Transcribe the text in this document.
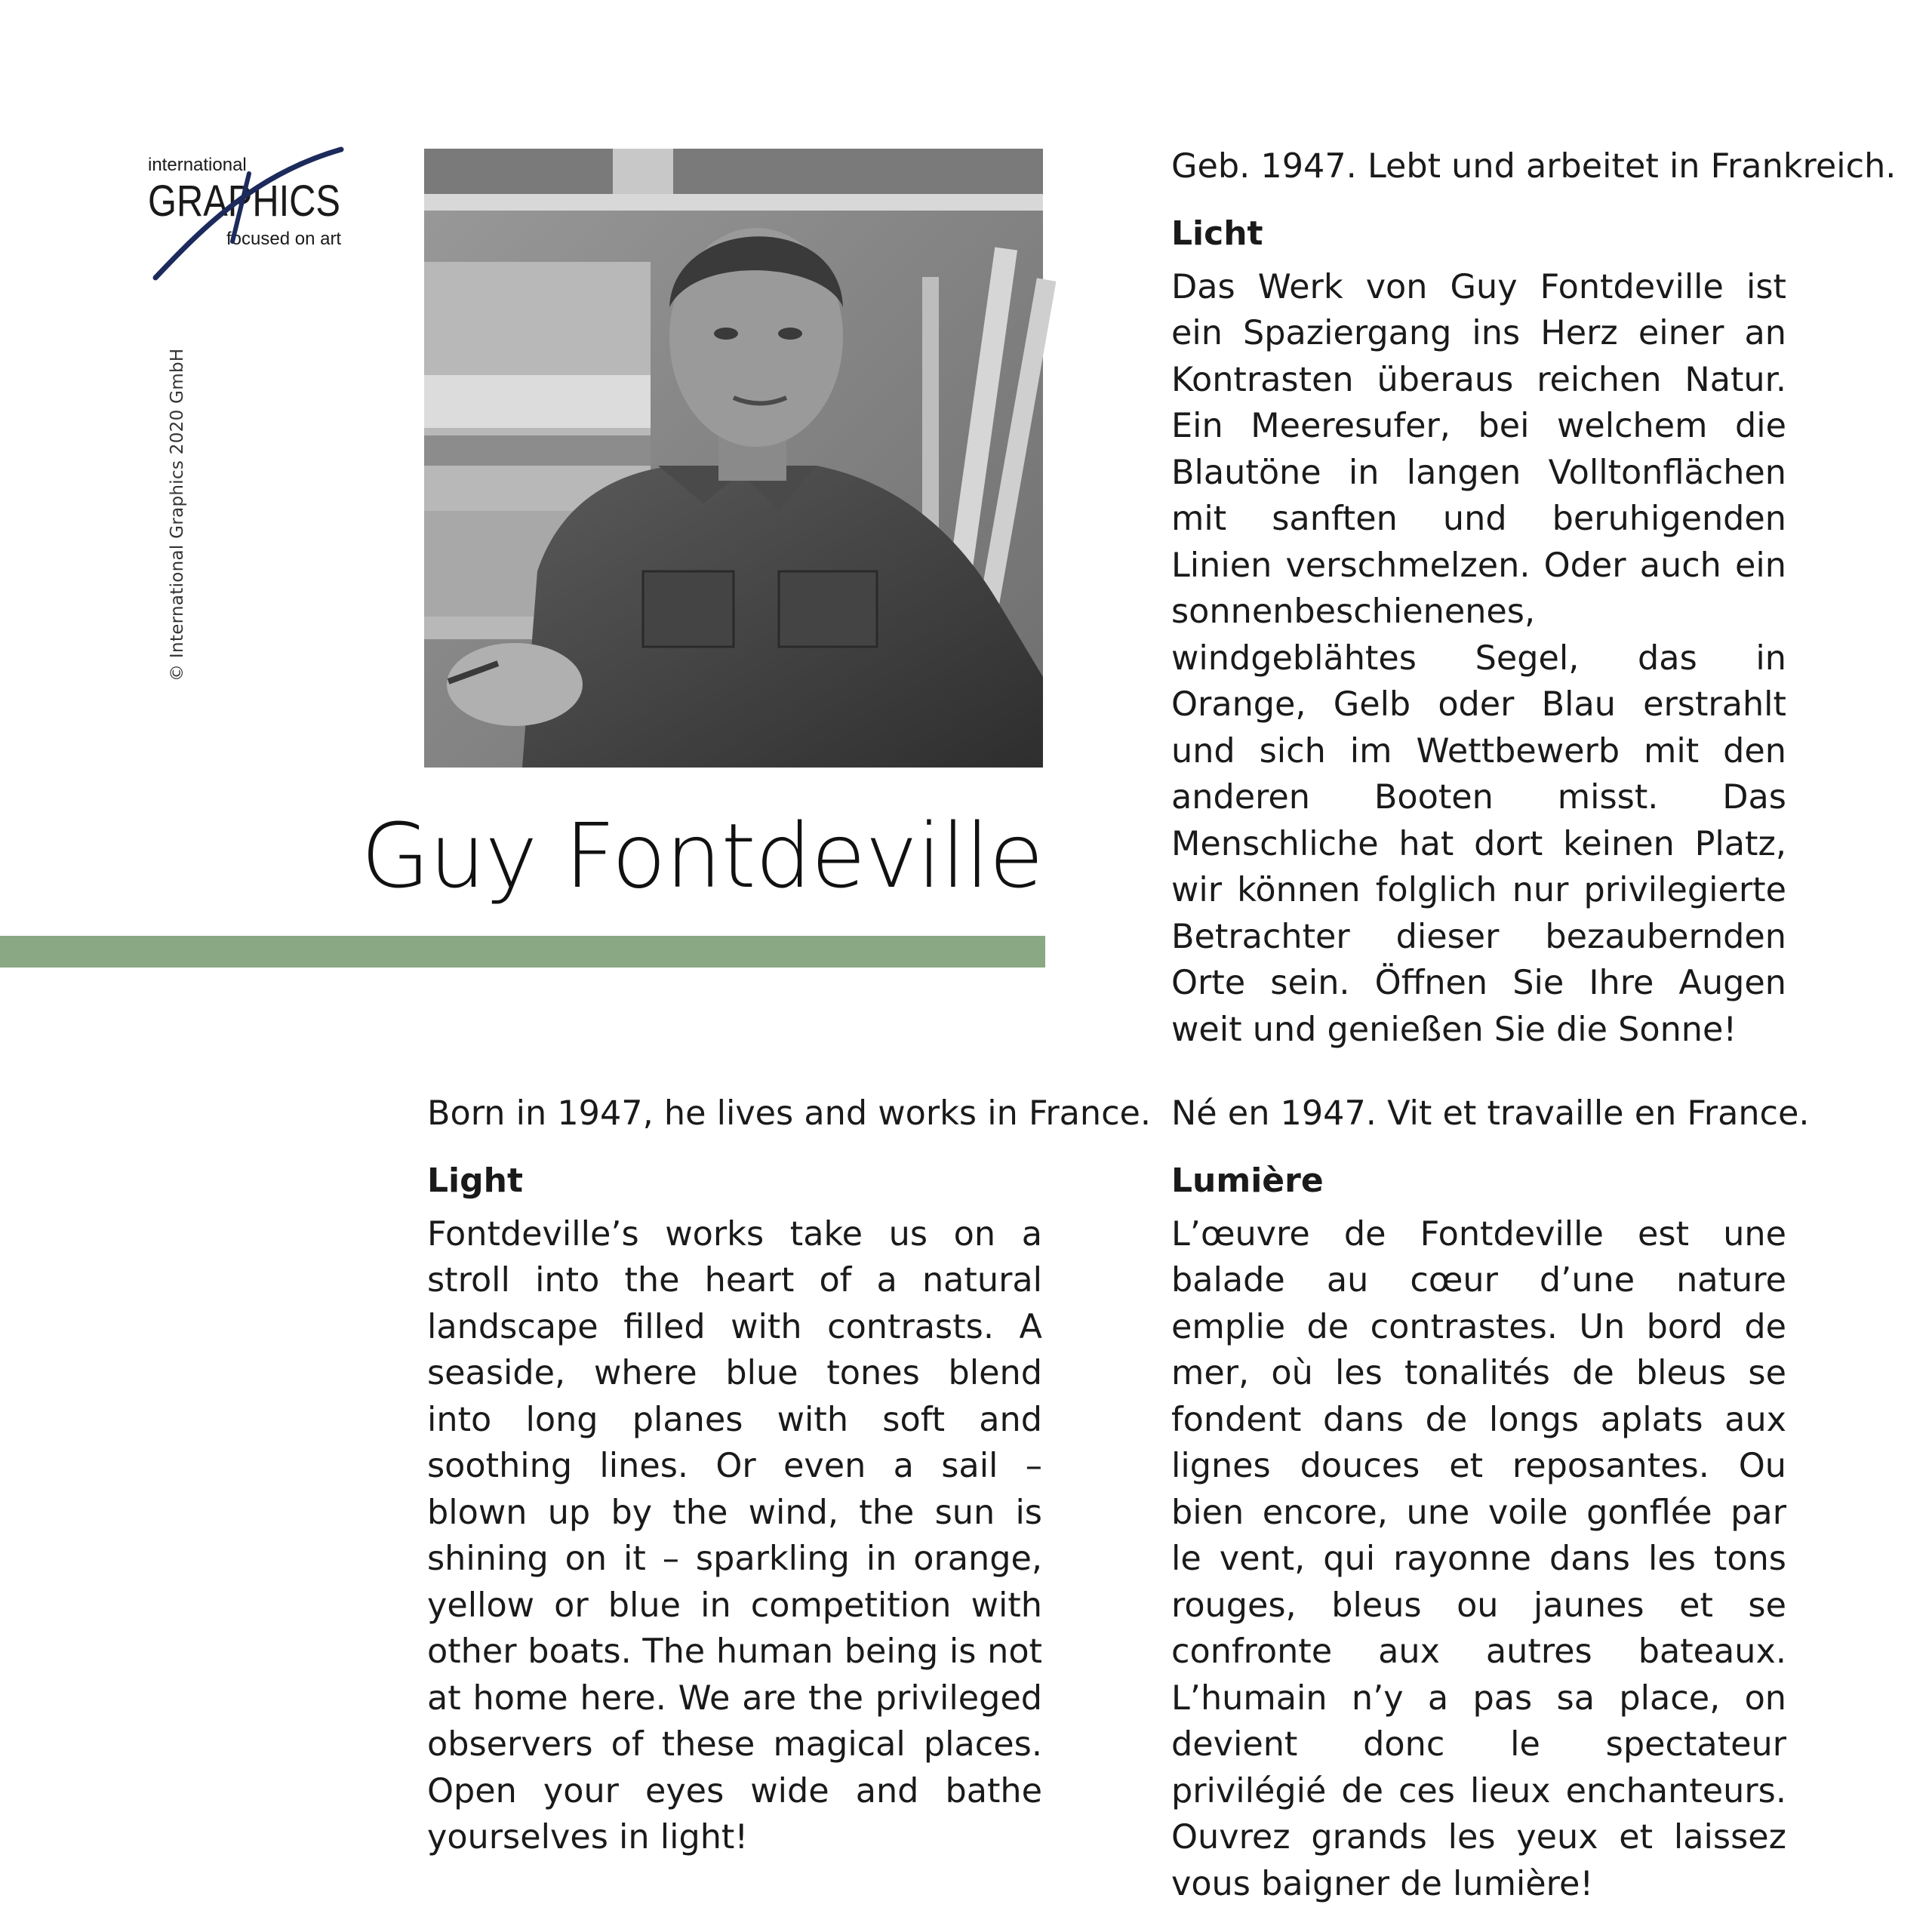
international
GRAPHICS
focused on art
© International Graphics 2020 GmbH
Guy Fontdeville

Geb. 1947. Lebt und arbeitet in Frankreich.

Licht

Das Werk von Guy Fontdeville ist ein Spaziergang ins Herz einer an Kontrasten überaus reichen Natur. Ein Meeresufer, bei welchem die Blautöne in langen Volltonflächen mit sanften und beruhigenden Linien verschmelzen. Oder auch ein sonnenbeschienenes, windgeblähtes Segel, das in Orange, Gelb oder Blau erstrahlt und sich im Wettbewerb mit den anderen Booten misst. Das Menschliche hat dort keinen Platz, wir können folglich nur privilegierte Betrachter dieser bezaubernden Orte sein. Öffnen Sie Ihre Augen weit und genießen Sie die Sonne!

Born in 1947, he lives and works in France.

Light

Fontdeville’s works take us on a stroll into the heart of a natural landscape filled with contrasts. A seaside, where blue tones blend into long planes with soft and soothing lines. Or even a sail – blown up by the wind, the sun is shining on it – sparkling in orange, yellow or blue in competition with other boats. The human being is not at home here. We are the privileged observers of these magical places. Open your eyes wide and bathe yourselves in light!

Né en 1947. Vit et travaille en France.

Lumière

L’œuvre de Fontdeville est une balade au cœur d’une nature emplie de contrastes. Un bord de mer, où les tonalités de bleus se fondent dans de longs aplats aux lignes douces et reposantes. Ou bien encore, une voile gonflée par le vent, qui rayonne dans les tons rouges, bleus ou jaunes et se confronte aux autres bateaux. L’humain n’y a pas sa place, on devient donc le spectateur privilégié de ces lieux enchanteurs. Ouvrez grands les yeux et laissez vous baigner de lumière!
